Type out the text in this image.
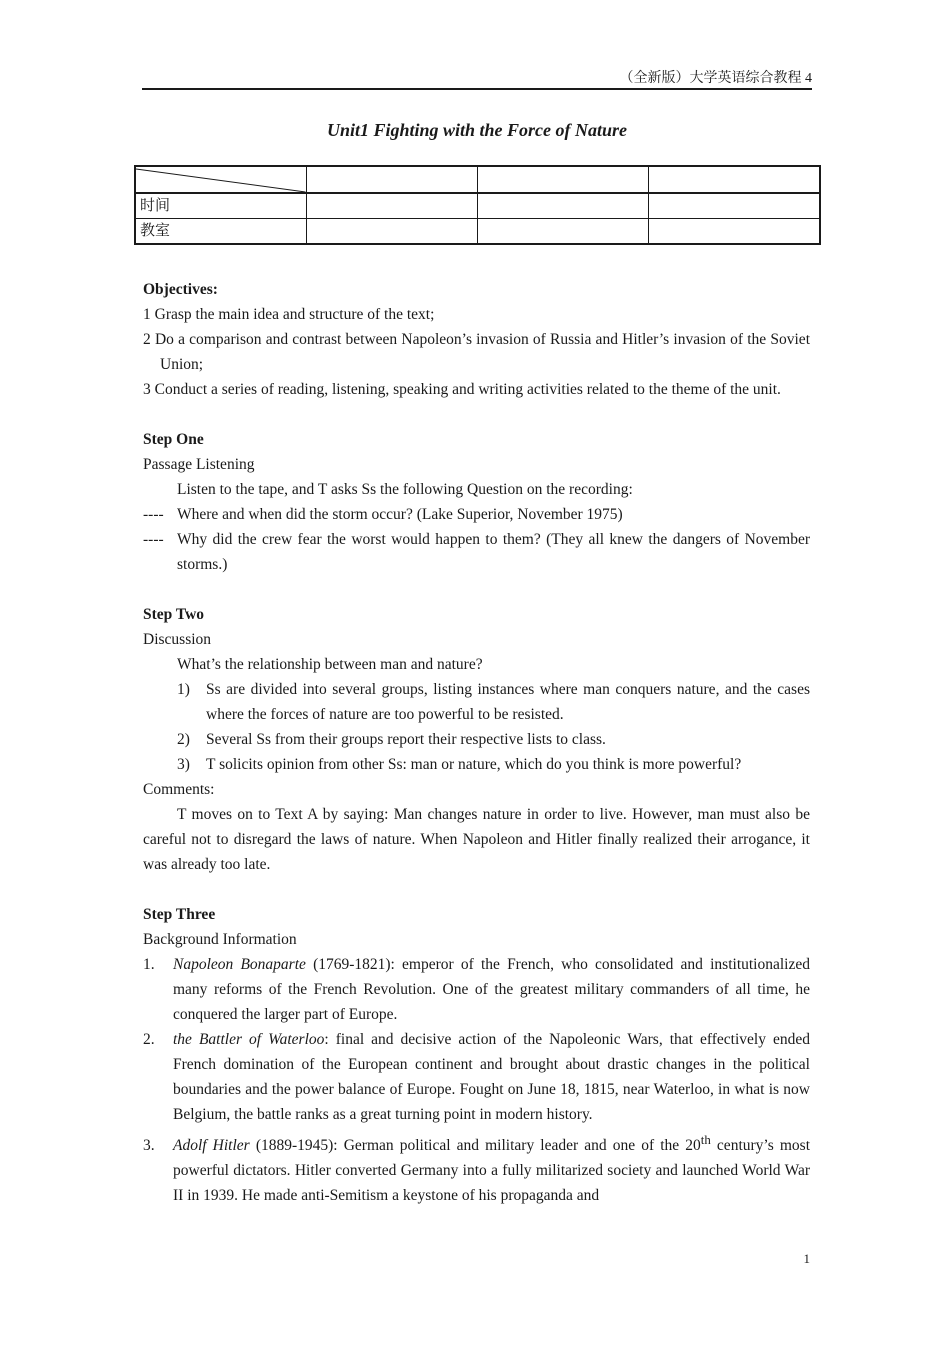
（全新版）大学英语综合教程 4
Unit1 Fighting with the Force of Nature

时间			
教室			

Objectives:

1 Grasp the main idea and structure of the text;

2 Do a comparison and contrast between Napoleon’s invasion of Russia and Hitler’s invasion of the Soviet Union;

3 Conduct a series of reading, listening, speaking and writing activities related to the theme of the unit.

Step One

Passage Listening

Listen to the tape, and T asks Ss the following Question on the recording:

---- Where and when did the storm occur? (Lake Superior, November 1975)

---- Why did the crew fear the worst would happen to them? (They all knew the dangers of November storms.)

Step Two

Discussion

What’s the relationship between man and nature?

1) Ss are divided into several groups, listing instances where man conquers nature, and the cases where the forces of nature are too powerful to be resisted.

2) Several Ss from their groups report their respective lists to class.

3) T solicits opinion from other Ss: man or nature, which do you think is more powerful?

Comments:

T moves on to Text A by saying: Man changes nature in order to live. However, man must also be careful not to disregard the laws of nature. When Napoleon and Hitler finally realized their arrogance, it was already too late.

Step Three

Background Information

1. Napoleon Bonaparte (1769-1821): emperor of the French, who consolidated and institutionalized many reforms of the French Revolution. One of the greatest military commanders of all time, he conquered the larger part of Europe.

2. the Battler of Waterloo: final and decisive action of the Napoleonic Wars, that effectively ended French domination of the European continent and brought about drastic changes in the political boundaries and the power balance of Europe. Fought on June 18, 1815, near Waterloo, in what is now Belgium, the battle ranks as a great turning point in modern history.

3. Adolf Hitler (1889-1945): German political and military leader and one of the 20th century’s most powerful dictators. Hitler converted Germany into a fully militarized society and launched World War II in 1939. He made anti-Semitism a keystone of his propaganda and

1
